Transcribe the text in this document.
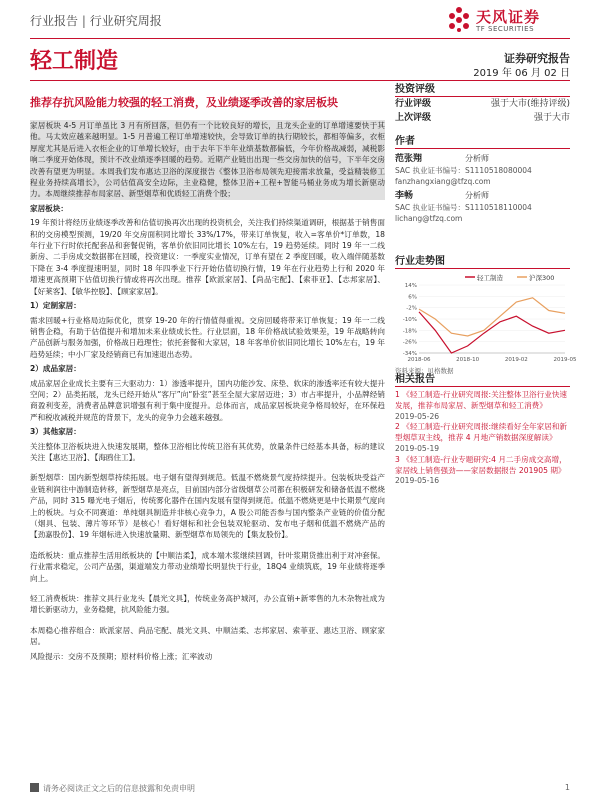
行业报告 | 行业研究周报	天风证券
TF SECURITIES
轻工制造	证券研究报告
2019 年 06 月 02 日
推荐存抗风险能力较强的轻工消费，及业绩逐季改善的家居板块

家居板块 4-5 月订单虽比 3 月有所回落，但仍有一个比较良好的增长，且龙头企业的订单增速要快于其他。马太效应越来越明显。1-5 月普遍工程订单增速较快，会导致订单的执行期较长，都相等偏多，衣柜厚度尤其是后进入衣柜企业的订单增长较好，由于去年下半年业绩基数都偏低，今年价格战减弱，减税影响二季度开始体现，预计不改业绩逐季回暖的趋势。近期产业链出出现一些交房加快的信号，下半年交房改善有望更为明显。本周我们发布惠达卫浴的深度报告《整体卫浴布局领先迎接需求放量，受益精装修工程业务持续高增长》，公司估值高安全边际，主业稳健，整体卫浴+工程+智能马桶业务成为增长新驱动力。本周继续推荐布局家居、新型烟草和优质轻工消费个股；

家居板块：

19 年预计将经历业绩逐季改善和估值切换再次出现的投资机会，关注我们持续渠道调研，根据基于销售面积的交房模型预测，19/20 年交房面积同比增长 33%/17%，带来订单恢复，收入=客单价*订单数，18 年行业下行时依托配套品和套餐促销，客单价依旧同比增长 10%左右，19 趋势延续。同时 19 年一二线新房、二手房成交数据都在回暖，投资建议：一季度实业情况，订单有望在 2 季度回暖，收入端伴随基数下降在 3-4 季度提速明显，同时 18 年四季业下行开始估值切换行情，19 年在行业趋势上行和 2020 年增速更高预期下估值切换行情或将再次出现。推荐【欧派家居】、【尚品宅配】、【索菲亚】、【志邦家居】、【好莱客】、【敏华控股】、【顾家家居】。

1）定制家居：

需求回暖+行业格局边际优化，贯穿 19-20 年的行情值得重视。交房回暖将带来订单恢复；19 年一二线销售企稳，有助于估值提升和增加未来业绩成长性。行业层面，18 年价格战试验效果差，19 年战略转向产品创新与服务加强，价格战日趋理性；依托套餐和大家居，18 年客单价依旧同比增长 10%左右，19 年趋势延续；中小厂家及经销商已有加速退出态势。

2）成品家居：

成品家居企业成长主要有三大驱动力：1）渗透率提升，国内功能沙发、床垫、软床的渗透率还有较大提升空间；2）品类拓展，龙头已经开始从“客厅”向“卧室”甚至全屋大家居迈进；3）市占率提升，小品牌经销商盈利变差，消费者品牌意识增强有利于集中度提升。总体而言，成品家居板块竞争格局较好，在环保趋严和税收减税并规范的背景下，龙头的竞争力会越来越强。

3）其他家居：

关注整体卫浴板块进入快速发展期，整体卫浴相比传统卫浴有其优势，放量条件已经基本具备，标的建议关注【惠达卫浴】、【海鸥住工】。

新型烟草：国内新型烟草持续拓展。电子烟有望得到规范。低温不燃烧景气度持续提升。包装板块受益产业链利润往中游制造转移，新型烟草是亮点，目前国内部分省级烟草公司都在积极研发和储备低温不燃烧产品，同时 315 曝光电子烟后，传统雾化器件在国内发展有望得到规范。低温不燃烧更是中长期景气度向上的板块。与众不同赛道：单纯烟具制造并非核心竞争力，A 股公司能否参与国内整条产业链的价值分配（烟具、包装、薄片等环节）是核心！看好烟标和社会包装双轮驱动、发布电子烟和低温不燃烧产品的【劲嘉股份】、19 年烟标进入快速放量期、新型烟草布局领先的【集友股份】。

造纸板块：重点推荐生活用纸板块的【中顺洁柔】，成本端木浆继续回调，针叶浆期货推出利于对冲套保。行业需求稳定，公司产品强，渠道端发力带动业绩增长明显快于行业，18Q4 业绩筑底，19 年业绩将逐季向上。

轻工消费板块：推荐文具行业龙头【晨光文具】，传统业务高护城河，办公直销+新零售的九木杂物社成为增长新驱动力，业务稳健，抗风险能力强。

本周稳心推荐组合：欧派家居、尚品宅配、晨光文具、中顺洁柔、志邦家居、索菲亚、惠达卫浴、顾家家居。

风险提示：交房不及预期；原材料价格上涨；汇率波动

投资评级
行业评级	强于大市(维持评级)
上次评级	强于大市
作者
范张翔	分析师
SAC 执业证书编号：S1110518080004
fanzhangxiang@tfzq.com
李畅	分析师
SAC 执业证书编号：S1110518110004
lichang@tfzq.com
行业走势图
轻工制造	沪深300
14%
6%
-2%
-10%
-18%
-26%
-34%
2018-06	2018-10	2019-02	2019-05
资料来源：贝格数据
相关报告
1 《轻工制造-行业研究周报:关注整体卫浴行业快速发展，推荐布局家居、新型烟草和轻工消费》 2019-05-26
2 《轻工制造-行业研究周报:继续看好全年家居和新型烟草双主线，推荐 4 月地产销数据深度解读》 2019-05-19
3 《轻工制造-行业专题研究:4 月二手房成交高增，家居线上销售强劲——家居数据报告 201905 期》 2019-05-16
请务必阅读正文之后的信息披露和免责申明	1
